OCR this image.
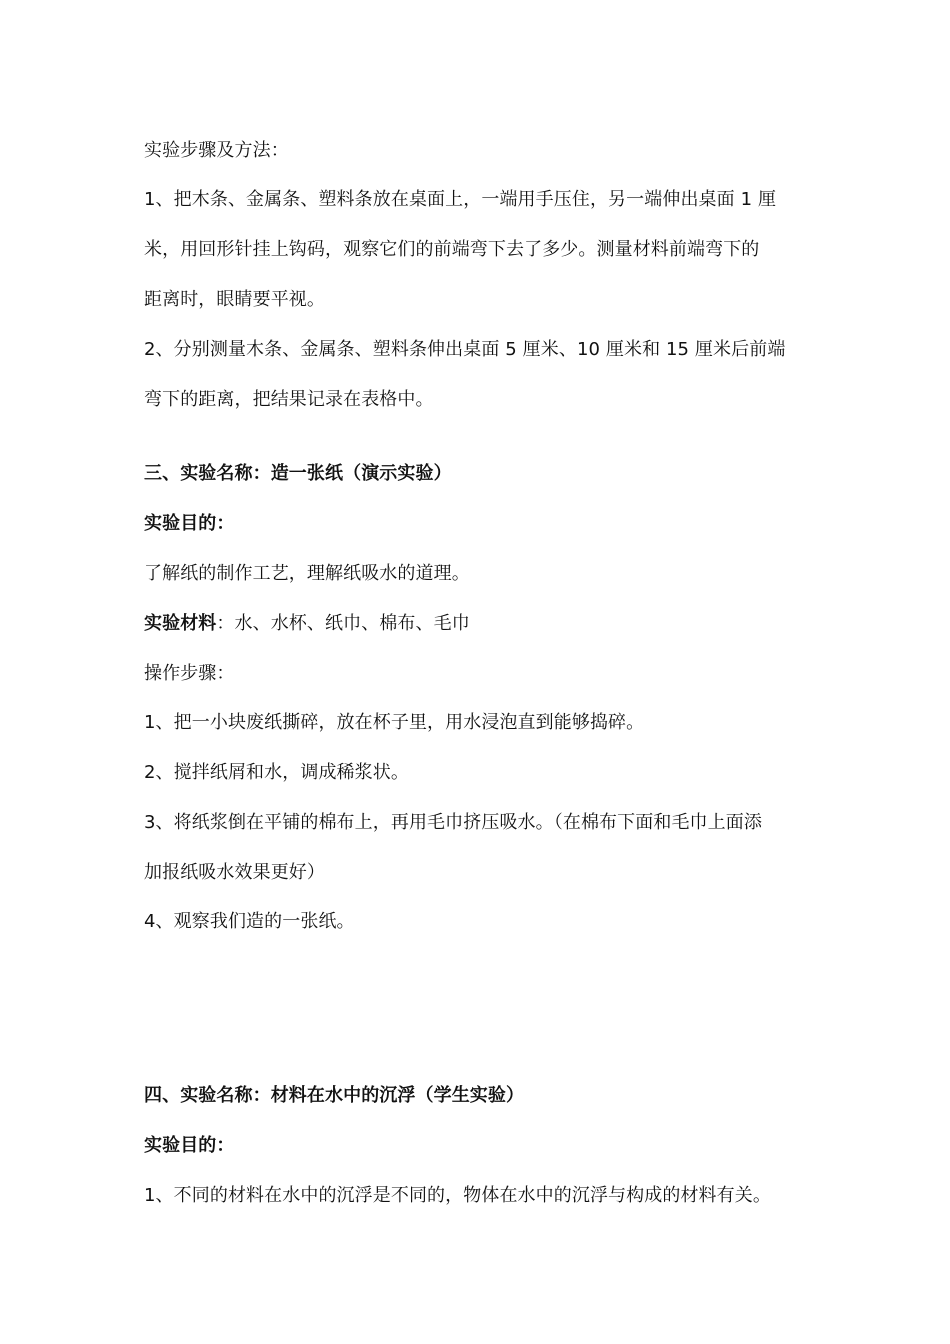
实验步骤及方法：
1、把木条、金属条、塑料条放在桌面上，一端用手压住，另一端伸出桌面 1 厘
米，用回形针挂上钩码，观察它们的前端弯下去了多少。测量材料前端弯下的
距离时，眼睛要平视。
2、分别测量木条、金属条、塑料条伸出桌面 5 厘米、10 厘米和 15 厘米后前端
弯下的距离，把结果记录在表格中。
三、实验名称：造一张纸（演示实验）
实验目的：
了解纸的制作工艺，理解纸吸水的道理。
实验材料：水、水杯、纸巾、棉布、毛巾
操作步骤：
1、把一小块废纸撕碎，放在杯子里，用水浸泡直到能够捣碎。
2、搅拌纸屑和水，调成稀浆状。
3、将纸浆倒在平铺的棉布上，再用毛巾挤压吸水。（在棉布下面和毛巾上面添
加报纸吸水效果更好）
4、观察我们造的一张纸。
四、实验名称：材料在水中的沉浮（学生实验）
实验目的：
1、不同的材料在水中的沉浮是不同的，物体在水中的沉浮与构成的材料有关。
